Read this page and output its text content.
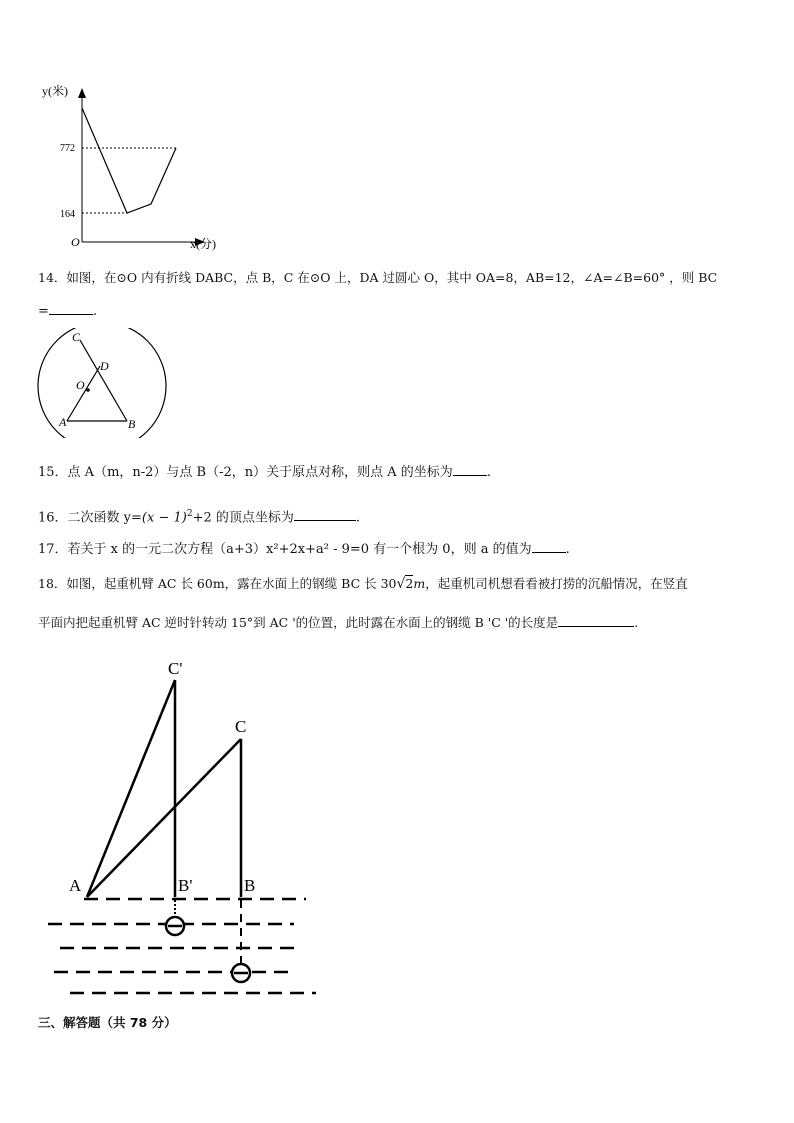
y(米)
x(分)
O
772
164
14．如图，在⊙O 内有折线 DABC，点 B，C 在⊙O 上，DA 过圆心 O，其中 OA=8，AB=12，∠A=∠B=60° ，则 BC
=	.
C
D
O
A	B
15．点 A（m，n-2）与点 B（-2，n）关于原点对称，则点 A 的坐标为	.
16．二次函数 $y=(x - 1)^2+2$ 的顶点坐标为	.
17．若关于 x 的一元二次方程（a+3）x²+2x+a² - 9=0 有一个根为 0，则 a 的值为	.
18．如图，起重机臂 AC 长 60m，露在水面上的钢缆 BC 长 30√2m，起重机司机想看看被打捞的沉船情况，在竖直
平面内把起重机臂 AC 逆时针转动 15°到 AC '的位置，此时露在水面上的钢缆 B 'C '的长度是	.
C'
C
A	B'	B
三、解答题（共 78 分）
